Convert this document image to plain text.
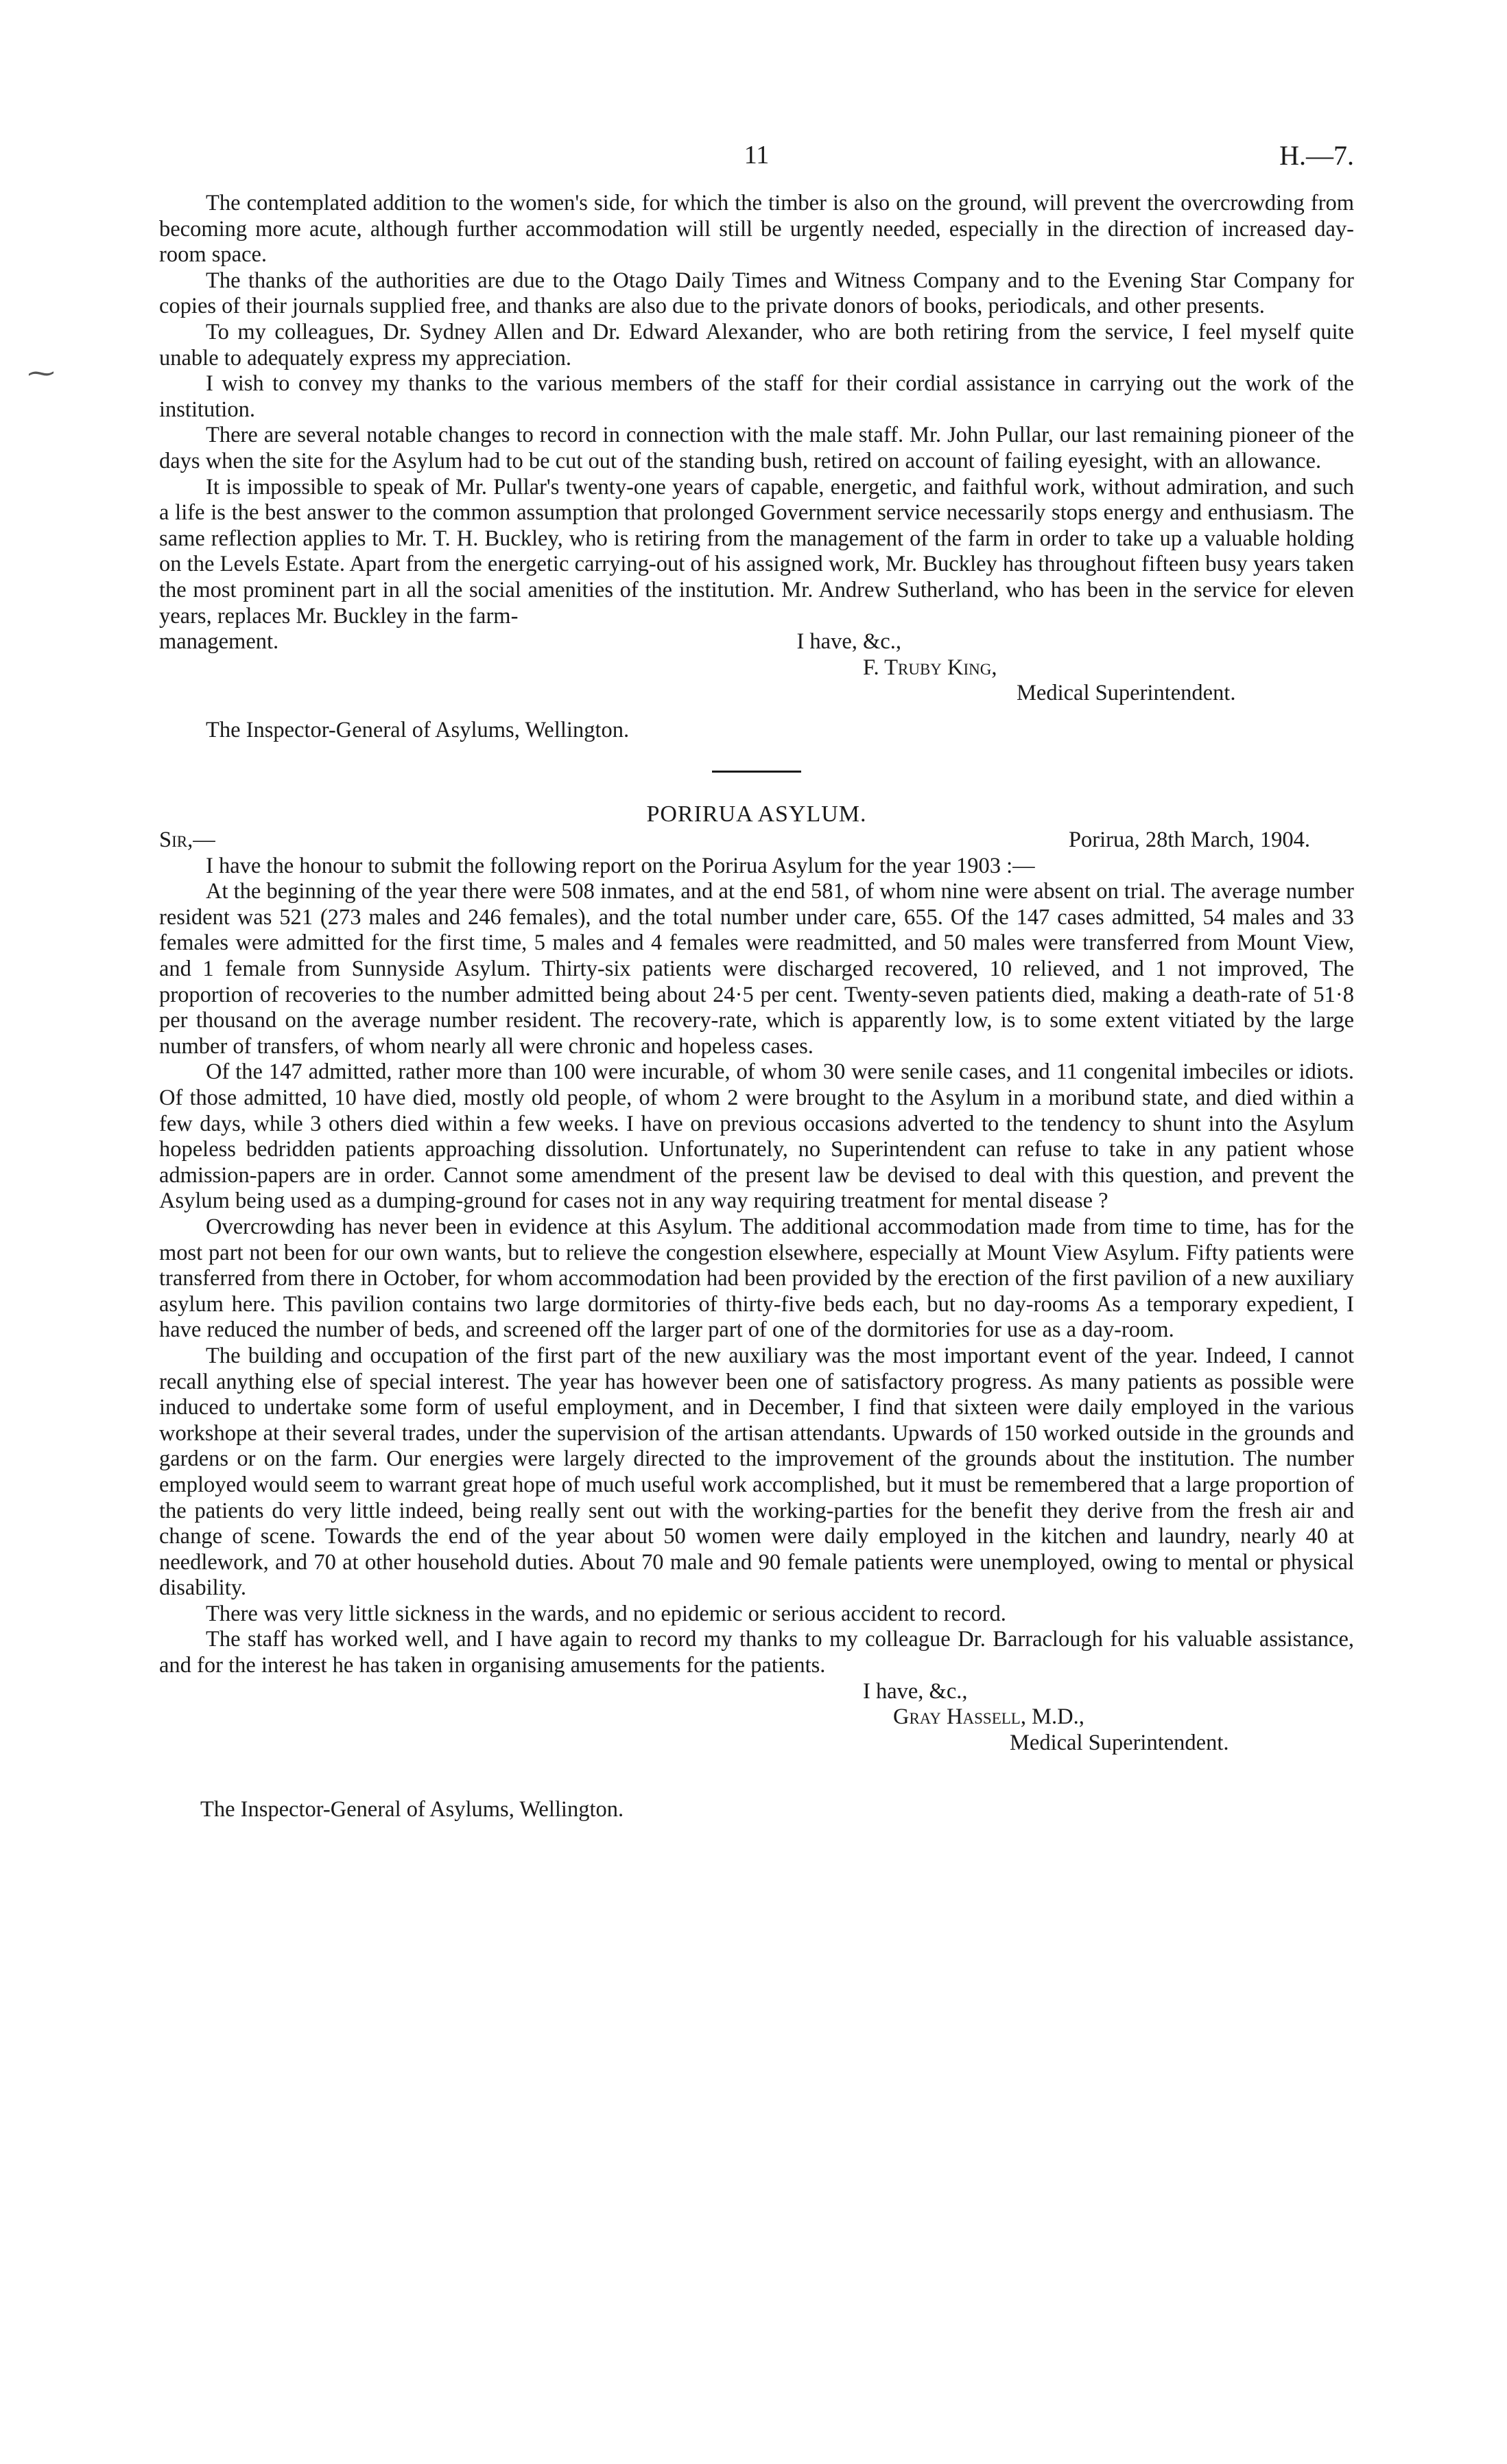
⁓
11	H.—7.

The contemplated addition to the women's side, for which the timber is also on the ground, will prevent the overcrowding from becoming more acute, although further accommodation will still be urgently needed, especially in the direction of increased day-room space.

The thanks of the authorities are due to the Otago Daily Times and Witness Company and to the Evening Star Company for copies of their journals supplied free, and thanks are also due to the private donors of books, periodicals, and other presents.

To my colleagues, Dr. Sydney Allen and Dr. Edward Alexander, who are both retiring from the service, I feel myself quite unable to adequately express my appreciation.

I wish to convey my thanks to the various members of the staff for their cordial assistance in carrying out the work of the institution.

There are several notable changes to record in connection with the male staff. Mr. John Pullar, our last remaining pioneer of the days when the site for the Asylum had to be cut out of the standing bush, retired on account of failing eyesight, with an allowance.

It is impossible to speak of Mr. Pullar's twenty-one years of capable, energetic, and faithful work, without admiration, and such a life is the best answer to the common assumption that prolonged Government service necessarily stops energy and enthusiasm. The same reflection applies to Mr. T. H. Buckley, who is retiring from the management of the farm in order to take up a valuable holding on the Levels Estate. Apart from the energetic carrying-out of his assigned work, Mr. Buckley has throughout fifteen busy years taken the most prominent part in all the social amenities of the institution. Mr. Andrew Sutherland, who has been in the service for eleven years, replaces Mr. Buckley in the farm-

management.	I have, &c.,
F. Truby King,
Medical Superintendent.
The Inspector-General of Asylums, Wellington.
PORIRUA ASYLUM.
Sir,—	Porirua, 28th March, 1904.

I have the honour to submit the following report on the Porirua Asylum for the year 1903 :—

At the beginning of the year there were 508 inmates, and at the end 581, of whom nine were absent on trial. The average number resident was 521 (273 males and 246 females), and the total number under care, 655. Of the 147 cases admitted, 54 males and 33 females were admitted for the first time, 5 males and 4 females were readmitted, and 50 males were transferred from Mount View, and 1 female from Sunnyside Asylum. Thirty-six patients were discharged recovered, 10 relieved, and 1 not improved, The proportion of recoveries to the number admitted being about 24·5 per cent. Twenty-seven patients died, making a death-rate of 51·8 per thousand on the average number resident. The recovery-rate, which is apparently low, is to some extent vitiated by the large number of transfers, of whom nearly all were chronic and hopeless cases.

Of the 147 admitted, rather more than 100 were incurable, of whom 30 were senile cases, and 11 congenital imbeciles or idiots. Of those admitted, 10 have died, mostly old people, of whom 2 were brought to the Asylum in a moribund state, and died within a few days, while 3 others died within a few weeks. I have on previous occasions adverted to the tendency to shunt into the Asylum hopeless bedridden patients approaching dissolution. Unfortunately, no Superintendent can refuse to take in any patient whose admission-papers are in order. Cannot some amendment of the present law be devised to deal with this question, and prevent the Asylum being used as a dumping-ground for cases not in any way requiring treatment for mental disease ?

Overcrowding has never been in evidence at this Asylum. The additional accommodation made from time to time, has for the most part not been for our own wants, but to relieve the congestion elsewhere, especially at Mount View Asylum. Fifty patients were transferred from there in October, for whom accommodation had been provided by the erection of the first pavilion of a new auxiliary asylum here. This pavilion contains two large dormitories of thirty-five beds each, but no day-rooms As a temporary expedient, I have reduced the number of beds, and screened off the larger part of one of the dormitories for use as a day-room.

The building and occupation of the first part of the new auxiliary was the most important event of the year. Indeed, I cannot recall anything else of special interest. The year has however been one of satisfactory progress. As many patients as possible were induced to undertake some form of useful employment, and in December, I find that sixteen were daily employed in the various workshope at their several trades, under the supervision of the artisan attendants. Upwards of 150 worked outside in the grounds and gardens or on the farm. Our energies were largely directed to the improvement of the grounds about the institution. The number employed would seem to warrant great hope of much useful work accomplished, but it must be remembered that a large proportion of the patients do very little indeed, being really sent out with the working-parties for the benefit they derive from the fresh air and change of scene. Towards the end of the year about 50 women were daily employed in the kitchen and laundry, nearly 40 at needlework, and 70 at other household duties. About 70 male and 90 female patients were unemployed, owing to mental or physical disability.

There was very little sickness in the wards, and no epidemic or serious accident to record.

The staff has worked well, and I have again to record my thanks to my colleague Dr. Barraclough for his valuable assistance, and for the interest he has taken in organising amusements for the patients.

I have, &c.,
Gray Hassell, M.D.,
Medical Superintendent.
The Inspector-General of Asylums, Wellington.
